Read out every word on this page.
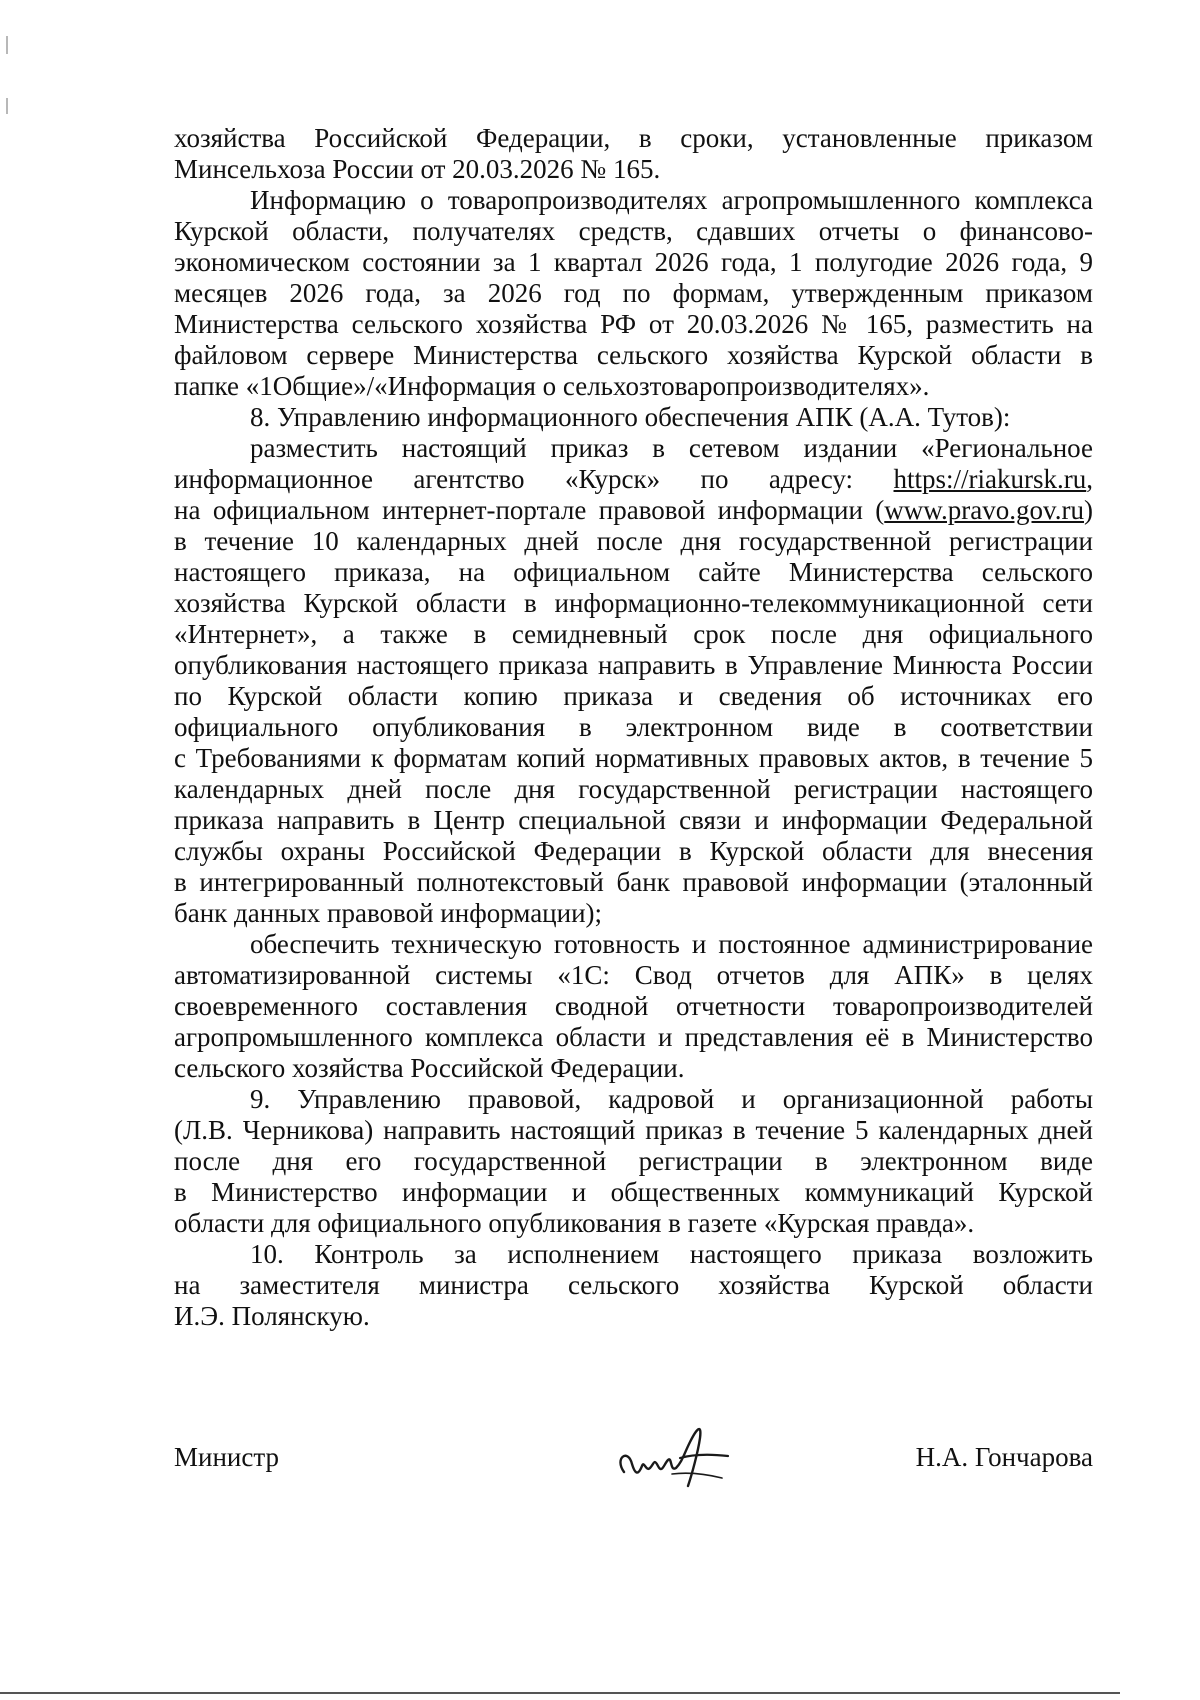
хозяйства Российской Федерации, в сроки, установленные приказом
Минсельхоза России от 20.03.2026 № 165.
Информацию о товаропроизводителях агропромышленного комплекса
Курской области, получателях средств, сдавших отчеты о финансово-
экономическом состоянии за 1 квартал 2026 года, 1 полугодие 2026 года, 9
месяцев 2026 года, за 2026 год по формам, утвержденным приказом
Министерства сельского хозяйства РФ от 20.03.2026 № 165, разместить на
файловом сервере Министерства сельского хозяйства Курской области в
папке «1Общие»/«Информация о сельхозтоваропроизводителях».
8. Управлению информационного обеспечения АПК (А.А. Тутов):
разместить настоящий приказ в сетевом издании «Региональное
информационное агентство «Курск» по адресу: https://riakursk.ru,
на официальном интернет-портале правовой информации (www.pravo.gov.ru)
в течение 10 календарных дней после дня государственной регистрации
настоящего приказа, на официальном сайте Министерства сельского
хозяйства Курской области в информационно-телекоммуникационной сети
«Интернет», а также в семидневный срок после дня официального
опубликования настоящего приказа направить в Управление Минюста России
по Курской области копию приказа и сведения об источниках его
официального опубликования в электронном виде в соответствии
с Требованиями к форматам копий нормативных правовых актов, в течение 5
календарных дней после дня государственной регистрации настоящего
приказа направить в Центр специальной связи и информации Федеральной
службы охраны Российской Федерации в Курской области для внесения
в интегрированный полнотекстовый банк правовой информации (эталонный
банк данных правовой информации);
обеспечить техническую готовность и постоянное администрирование
автоматизированной системы «1С: Свод отчетов для АПК» в целях
своевременного составления сводной отчетности товаропроизводителей
агропромышленного комплекса области и представления её в Министерство
сельского хозяйства Российской Федерации.
9. Управлению правовой, кадровой и организационной работы
(Л.В. Черникова) направить настоящий приказ в течение 5 календарных дней
после дня его государственной регистрации в электронном виде
в Министерство информации и общественных коммуникаций Курской
области для официального опубликования в газете «Курская правда».
10. Контроль за исполнением настоящего приказа возложить
на заместителя министра сельского хозяйства Курской области
И.Э. Полянскую.
Министр	Н.А. Гончарова
